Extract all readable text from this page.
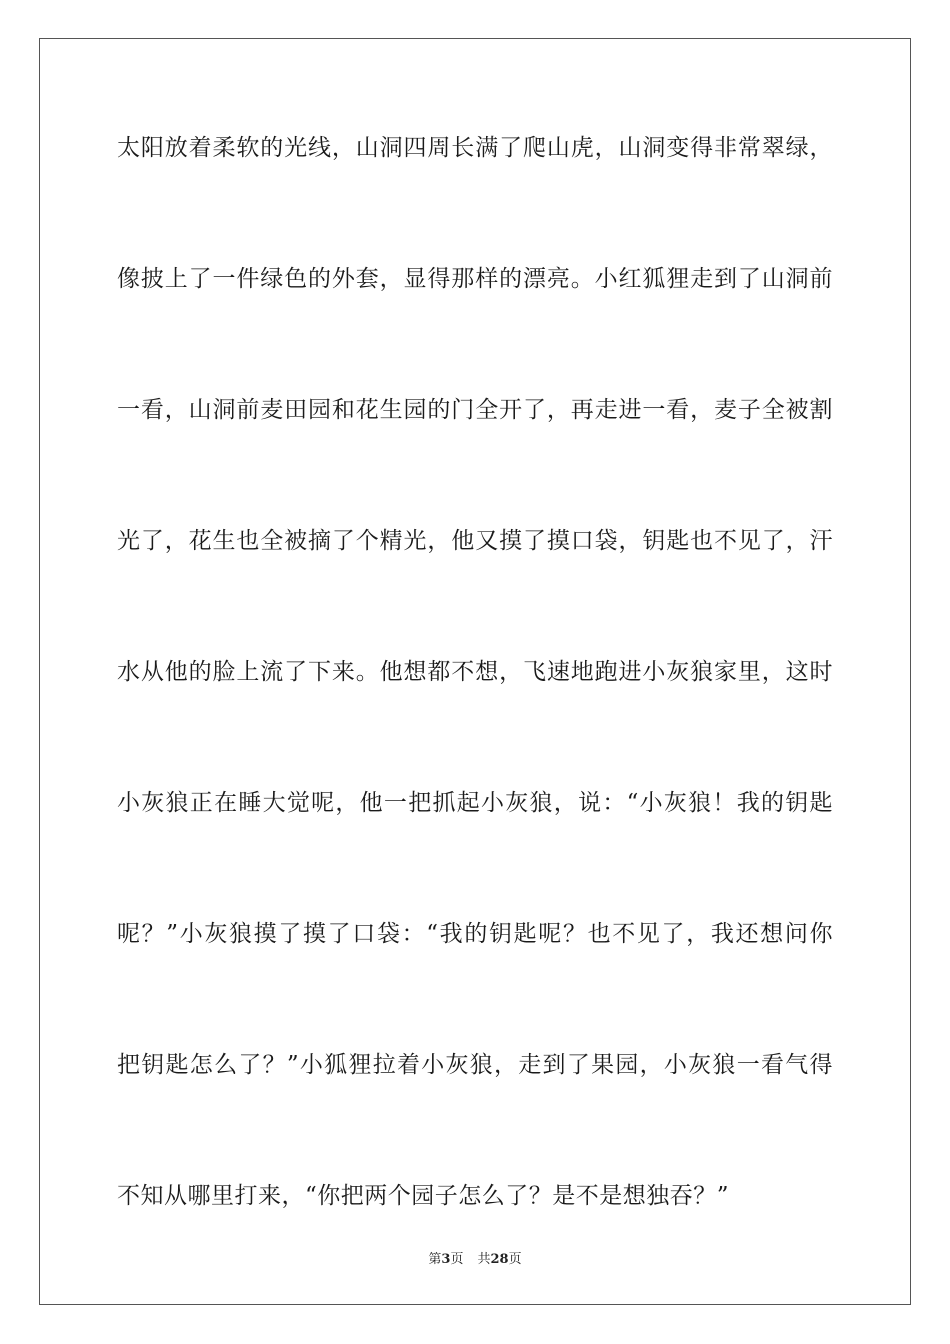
太阳放着柔软的光线，山洞四周长满了爬山虎，山洞变得非常翠绿，
像披上了一件绿色的外套，显得那样的漂亮。小红狐狸走到了山洞前
一看，山洞前麦田园和花生园的门全开了，再走进一看，麦子全被割
光了，花生也全被摘了个精光，他又摸了摸口袋，钥匙也不见了，汗
水从他的脸上流了下来。他想都不想，飞速地跑进小灰狼家里，这时
小灰狼正在睡大觉呢，他一把抓起小灰狼，说：“小灰狼！我的钥匙
呢？”小灰狼摸了摸了口袋：“我的钥匙呢？也不见了，我还想问你
把钥匙怎么了？”小狐狸拉着小灰狼，走到了果园，小灰狼一看气得
不知从哪里打来，“你把两个园子怎么了？是不是想独吞？”
第3页 共28页
